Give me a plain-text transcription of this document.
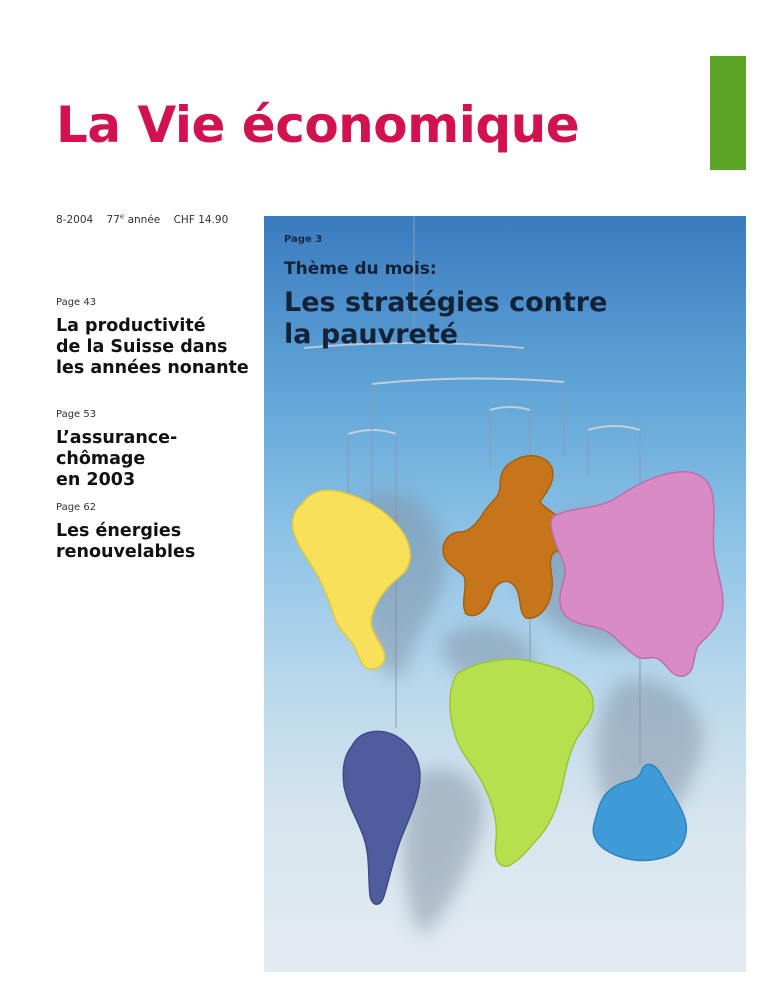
La Vie économique
8-2004 77e année CHF 14.90
Page 43
La productivité
de la Suisse dans
les années nonante
Page 53
L’assurance-chômage
en 2003
Page 62
Les énergies
renouvelables
Page 3
Thème du mois:
Les stratégies contre
la pauvreté
